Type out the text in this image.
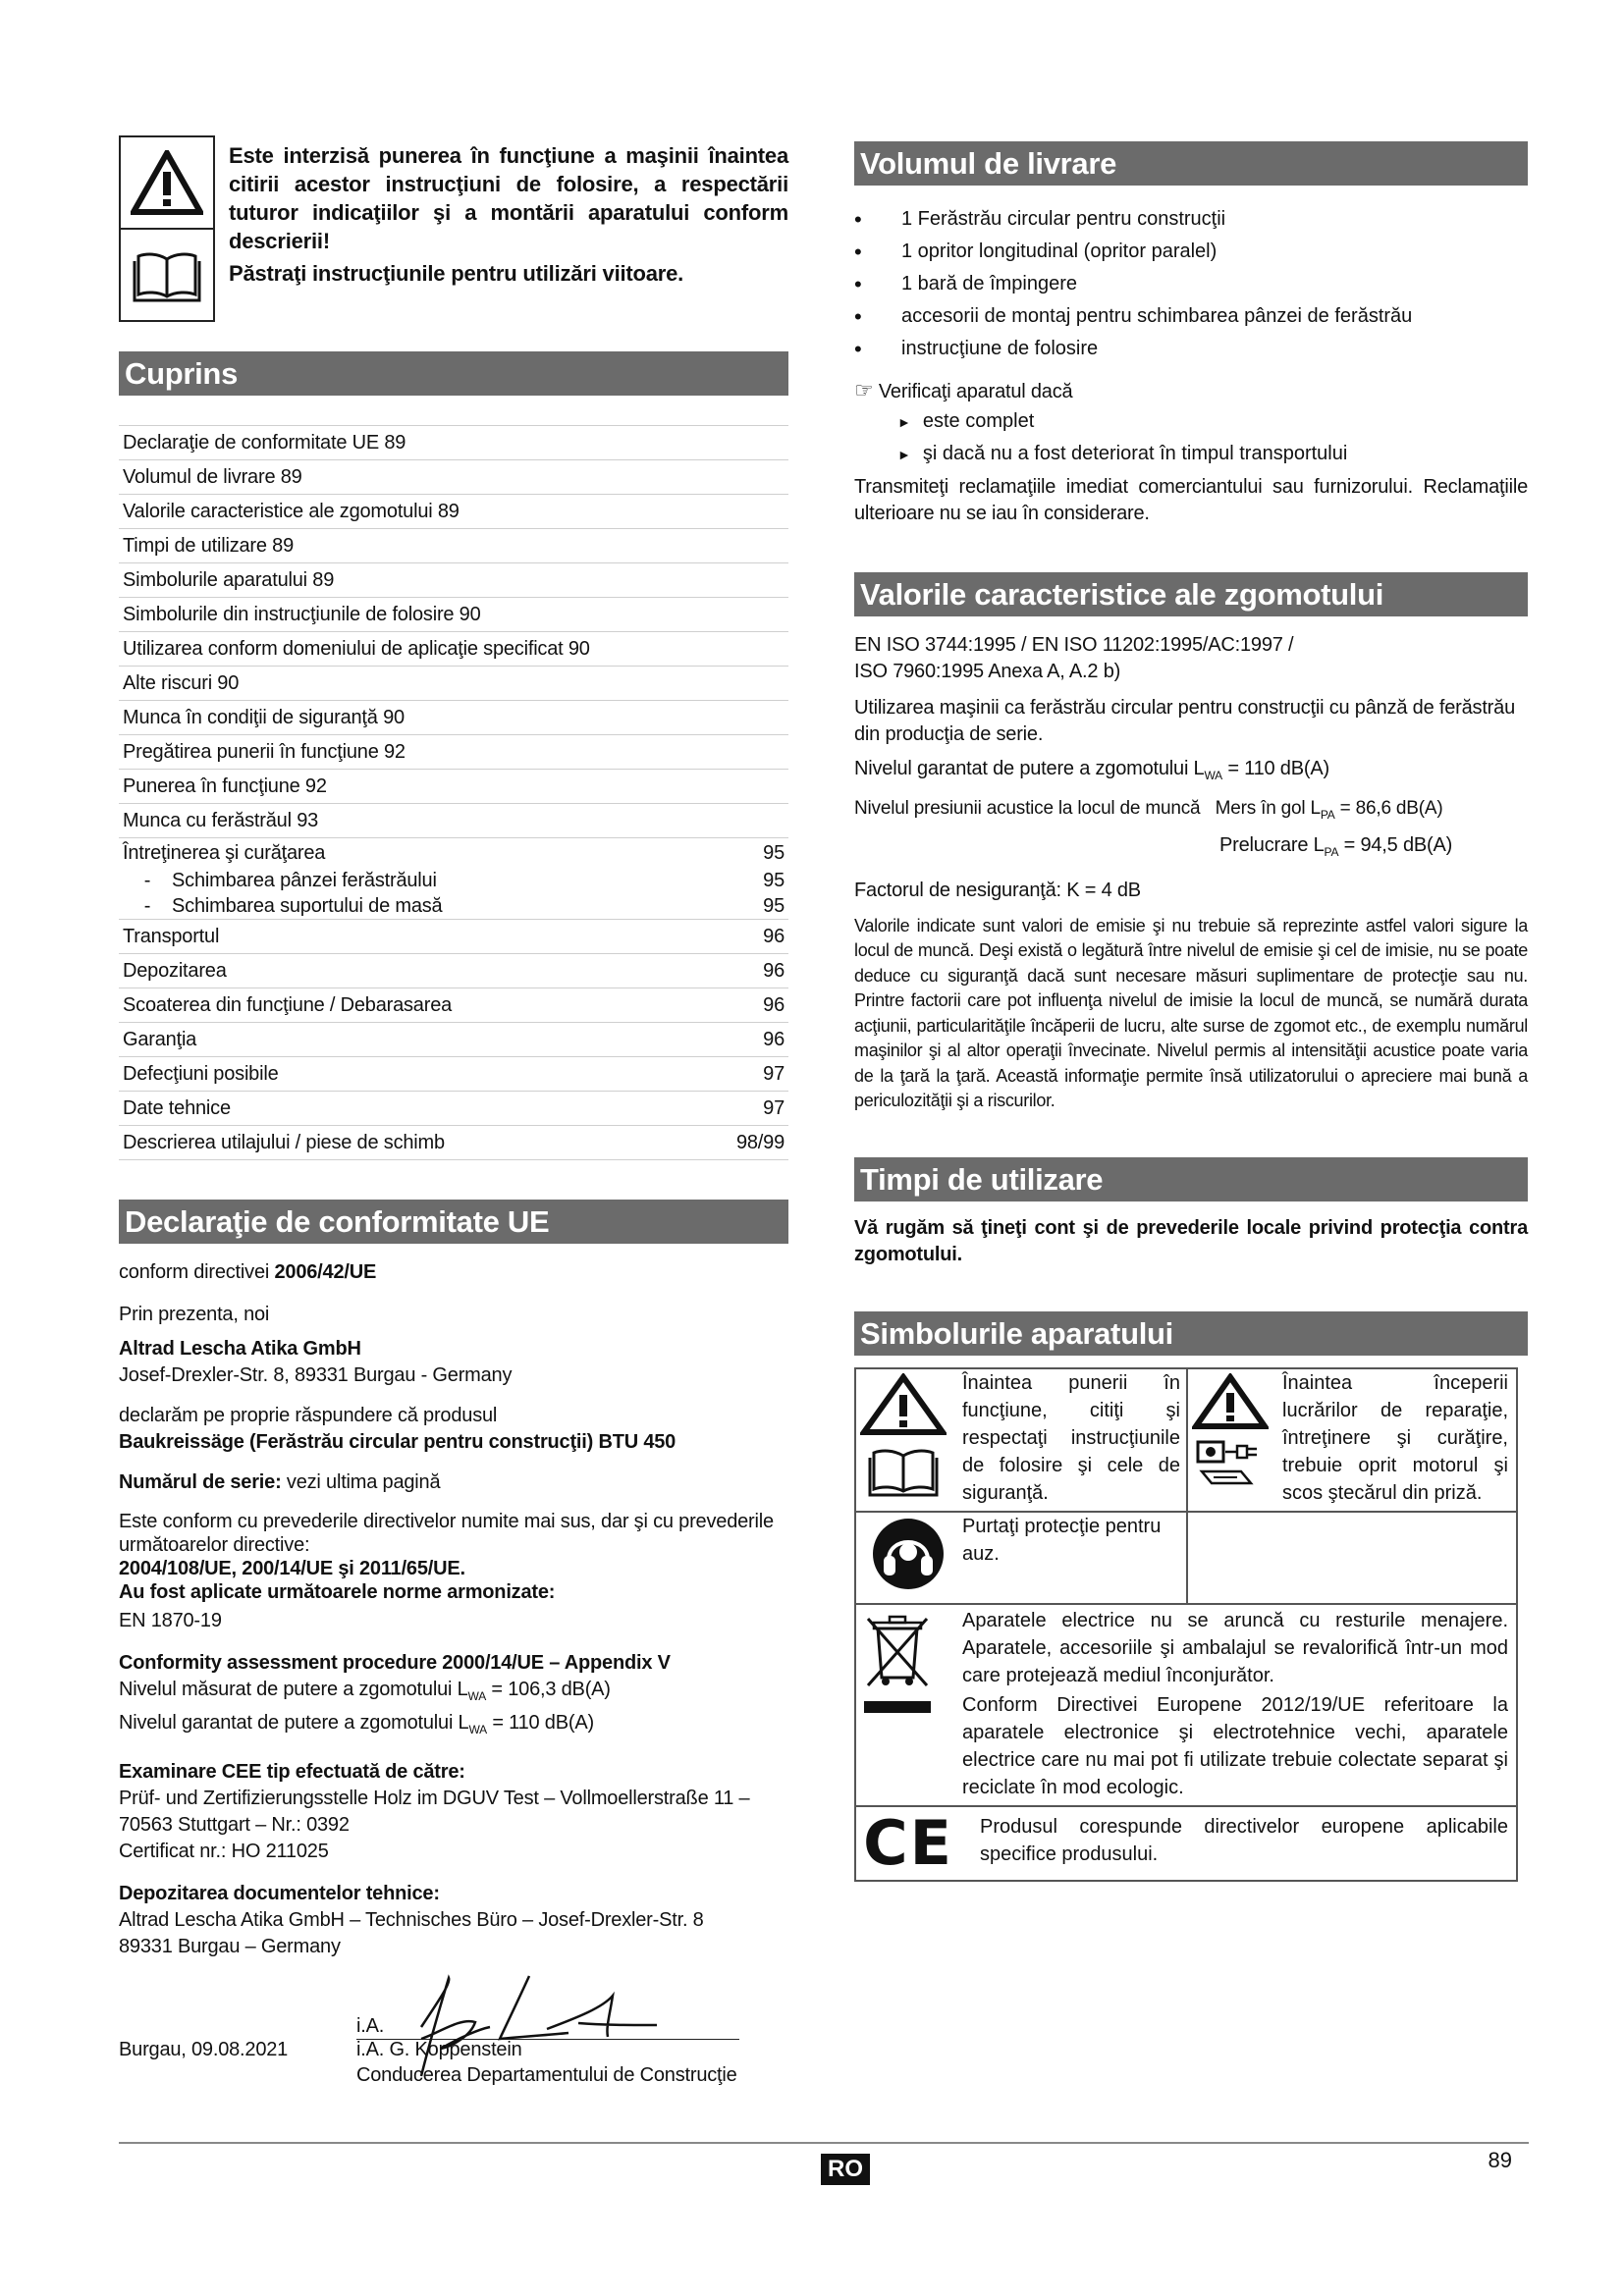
Este interzisă punerea în funcţiune a maşinii înaintea citirii acestor instrucţiuni de folosire, a respectării tuturor indicaţiilor şi a montării aparatului conform descrierii!

Păstraţi instrucţiunile pentru utilizări viitoare.

Cuprins
Declaraţie de conformitate UE 89
Volumul de livrare 89
Valorile caracteristice ale zgomotului 89
Timpi de utilizare 89
Simbolurile aparatului 89
Simbolurile din instrucţiunile de folosire 90
Utilizarea conform domeniului de aplicaţie specificat 90
Alte riscuri 90
Munca în condiţii de siguranţă 90
Pregătirea punerii în funcţiune 92
Punerea în funcţiune 92
Munca cu ferăstrăul 93
Întreţinerea şi curăţarea	95
- Schimbarea pânzei ferăstrăului	95
- Schimbarea suportului de masă	95
Transportul	96
Depozitarea	96
Scoaterea din funcţiune / Debarasarea	96
Garanţia	96
Defecţiuni posibile	97
Date tehnice	97
Descrierea utilajului / piese de schimb	98/99
Declaraţie de conformitate UE

conform directivei 2006/42/UE

Prin prezenta, noi

Altrad Lescha Atika GmbH

Josef-Drexler-Str. 8, 89331 Burgau - Germany

declarăm pe proprie răspundere că produsul

Baukreissäge (Ferăstrău circular pentru construcţii) BTU 450

Numărul de serie: vezi ultima pagină

Este conform cu prevederile directivelor numite mai sus, dar şi cu prevederile următoarelor directive:

2004/108/UE, 200/14/UE şi 2011/65/UE.

Au fost aplicate următoarele norme armonizate:

EN 1870-19

Conformity assessment procedure 2000/14/UE – Appendix V

Nivelul măsurat de putere a zgomotului $L_{WA} = 106,3$ dB(A)

Nivelul garantat de putere a zgomotului $L_{WA} = 110$ dB(A)

Examinare CEE tip efectuată de către:

Prüf- und Zertifizierungsstelle Holz im DGUV Test – Vollmoellerstraße 11 –

70563 Stuttgart – Nr.: 0392

Certificat nr.: HO 211025

Depozitarea documentelor tehnice:

Altrad Lescha Atika GmbH – Technisches Büro – Josef-Drexler-Str. 8

89331 Burgau – Germany

Burgau, 09.08.2021
i.A.
i.A. G. Koppenstein
Conducerea Departamentului de Construcţie
Volumul de livrare
• 1 Ferăstrău circular pentru construcţii
• 1 opritor longitudinal (opritor paralel)
• 1 bară de împingere
• accesorii de montaj pentru schimbarea pânzei de ferăstrău
• instrucţiune de folosire

☞ Verificaţi aparatul dacă

► este complet
► şi dacă nu a fost deteriorat în timpul transportului

Transmiteţi reclamaţiile imediat comerciantului sau furnizorului. Reclamaţiile ulterioare nu se iau în considerare.

Valorile caracteristice ale zgomotului

EN ISO 3744:1995 / EN ISO 11202:1995/AC:1997 /

ISO 7960:1995 Anexa A, A.2 b)

Utilizarea maşinii ca ferăstrău circular pentru construcţii cu pânză de ferăstrău din producţia de serie.

Nivelul garantat de putere a zgomotului $L_{WA} = 110$ dB(A)

Nivelul presiunii acustice la locul de muncă Mers în gol $L_{PA} = 86,6$ dB(A)

Prelucrare $L_{PA} = 94,5$ dB(A)

Factorul de nesiguranţă: K = 4 dB

Valorile indicate sunt valori de emisie şi nu trebuie să reprezinte astfel valori sigure la locul de muncă. Deşi există o legătură între nivelul de emisie şi cel de imisie, nu se poate deduce cu siguranţă dacă sunt necesare măsuri suplimentare de protecţie sau nu. Printre factorii care pot influenţa nivelul de imisie la locul de muncă, se numără durata acţiunii, particularităţile încăperii de lucru, alte surse de zgomot etc., de exemplu numărul maşinilor şi al altor operaţii învecinate. Nivelul permis al intensităţii acustice poate varia de la ţară la ţară. Această informaţie permite însă utilizatorului o apreciere mai bună a periculozităţii şi a riscurilor.

Timpi de utilizare

Vă rugăm să ţineţi cont şi de prevederile locale privind protecţia contra zgomotului.

Simbolurile aparatului
	Înaintea punerii în funcţiune, citiţi şi respectaţi instrucţiunile de folosire şi cele de siguranţă.		Înaintea începerii lucrărilor de reparaţie, întreţinere şi curăţire, trebuie oprit motorul şi scos ştecărul din priză.
	Purtaţi protecţie pentru auz.		

Aparatele electrice nu se aruncă cu resturile menajere. Aparatele, accesoriile şi ambalajul se revalorifică într-un mod care protejează mediul înconjurător.

Conform Directivei Europene 2012/19/UE referitoare la aparatele electronice şi electrotehnice vechi, aparatele electrice care nu mai pot fi utilizate trebuie colectate separat şi reciclate în mod ecologic.		

CE	Produsul corespunde directivelor europene aplicabile specifice produsului.		
RO	89
